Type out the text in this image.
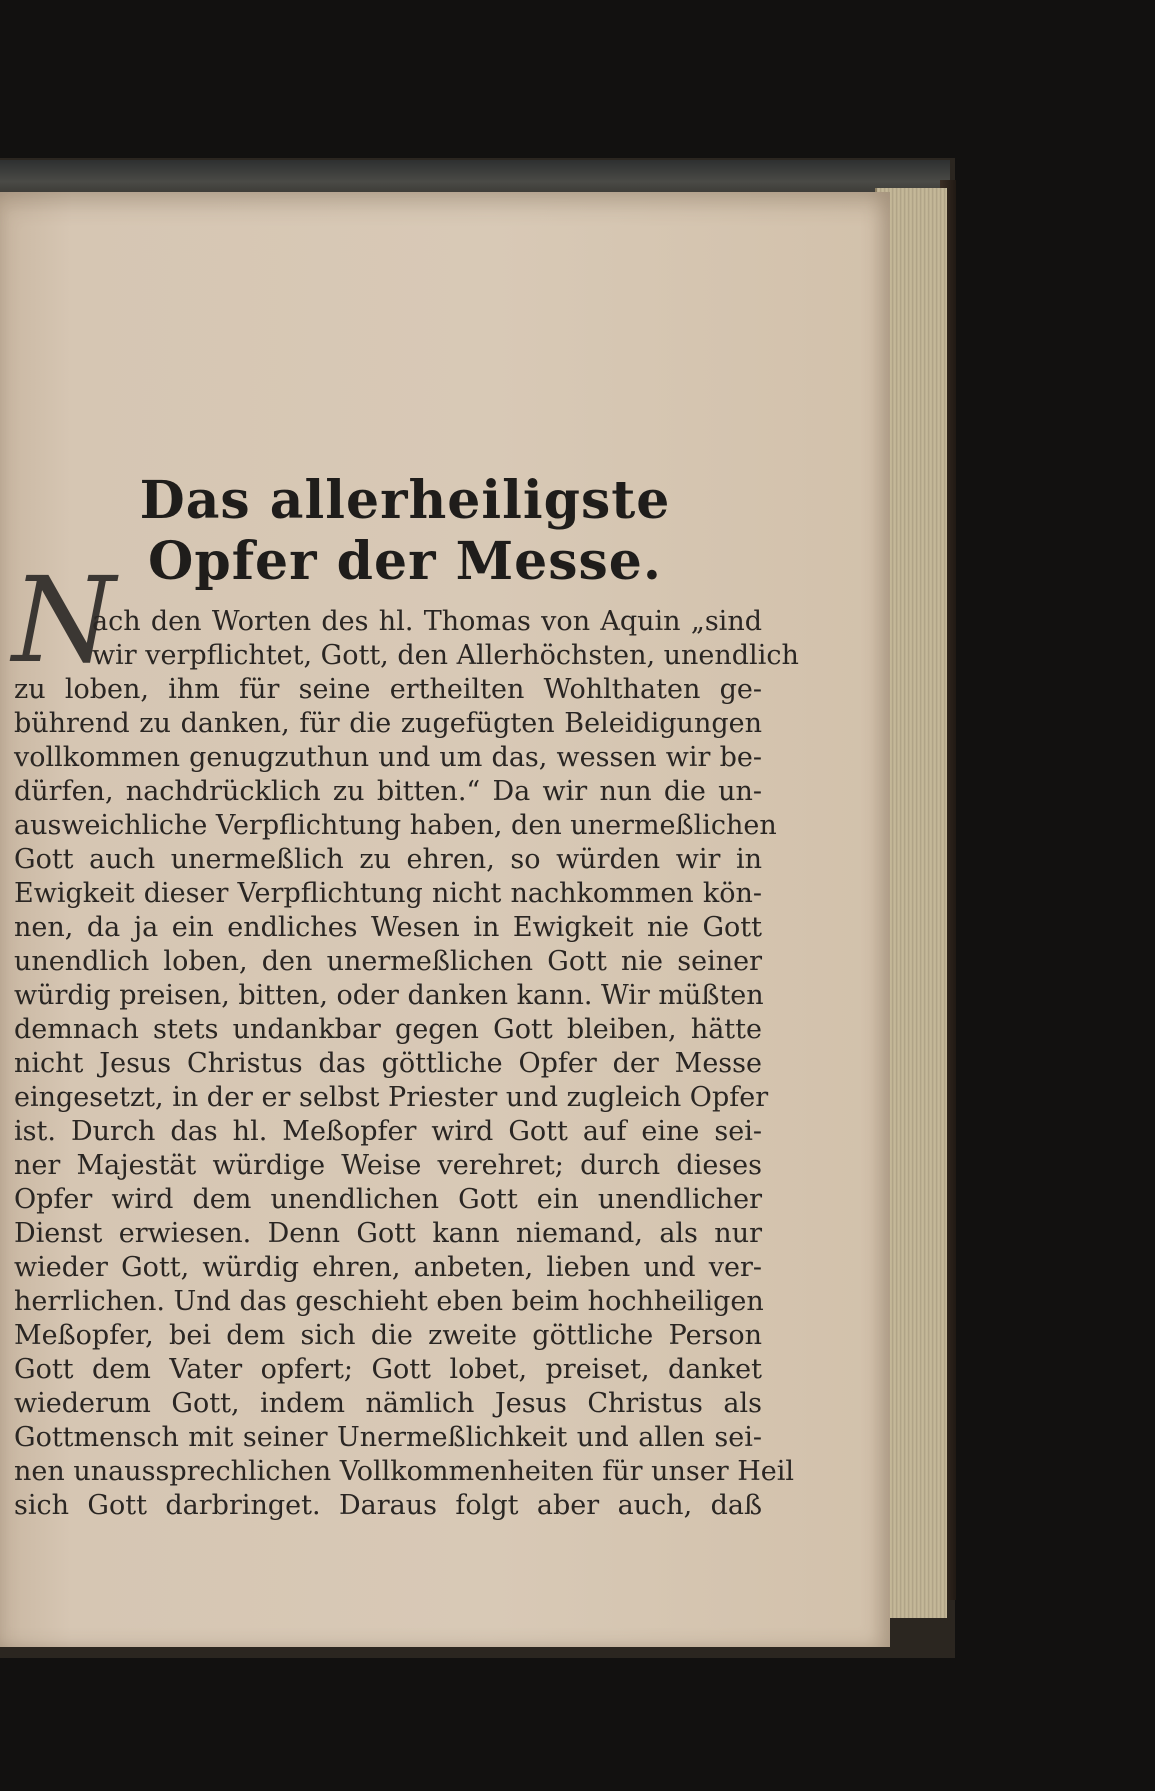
Das allerheiligste Opfer der Messe.
N
ach den Worten des hl. Thomas von Aquin „sind
wir verpflichtet, Gott, den Allerhöchsten, unendlich
zu loben, ihm für seine ertheilten Wohlthaten ge-
bührend zu danken, für die zugefügten Beleidigungen
vollkommen genugzuthun und um das, wessen wir be-
dürfen, nachdrücklich zu bitten.“ Da wir nun die un-
ausweichliche Verpflichtung haben, den unermeßlichen
Gott auch unermeßlich zu ehren, so würden wir in
Ewigkeit dieser Verpflichtung nicht nachkommen kön-
nen, da ja ein endliches Wesen in Ewigkeit nie Gott
unendlich loben, den unermeßlichen Gott nie seiner
würdig preisen, bitten, oder danken kann. Wir müßten
demnach stets undankbar gegen Gott bleiben, hätte
nicht Jesus Christus das göttliche Opfer der Messe
eingesetzt, in der er selbst Priester und zugleich Opfer
ist. Durch das hl. Meßopfer wird Gott auf eine sei-
ner Majestät würdige Weise verehret; durch dieses
Opfer wird dem unendlichen Gott ein unendlicher
Dienst erwiesen. Denn Gott kann niemand, als nur
wieder Gott, würdig ehren, anbeten, lieben und ver-
herrlichen. Und das geschieht eben beim hochheiligen
Meßopfer, bei dem sich die zweite göttliche Person
Gott dem Vater opfert; Gott lobet, preiset, danket
wiederum Gott, indem nämlich Jesus Christus als
Gottmensch mit seiner Unermeßlichkeit und allen sei-
nen unaussprechlichen Vollkommenheiten für unser Heil
sich Gott darbringet. Daraus folgt aber auch, daß
